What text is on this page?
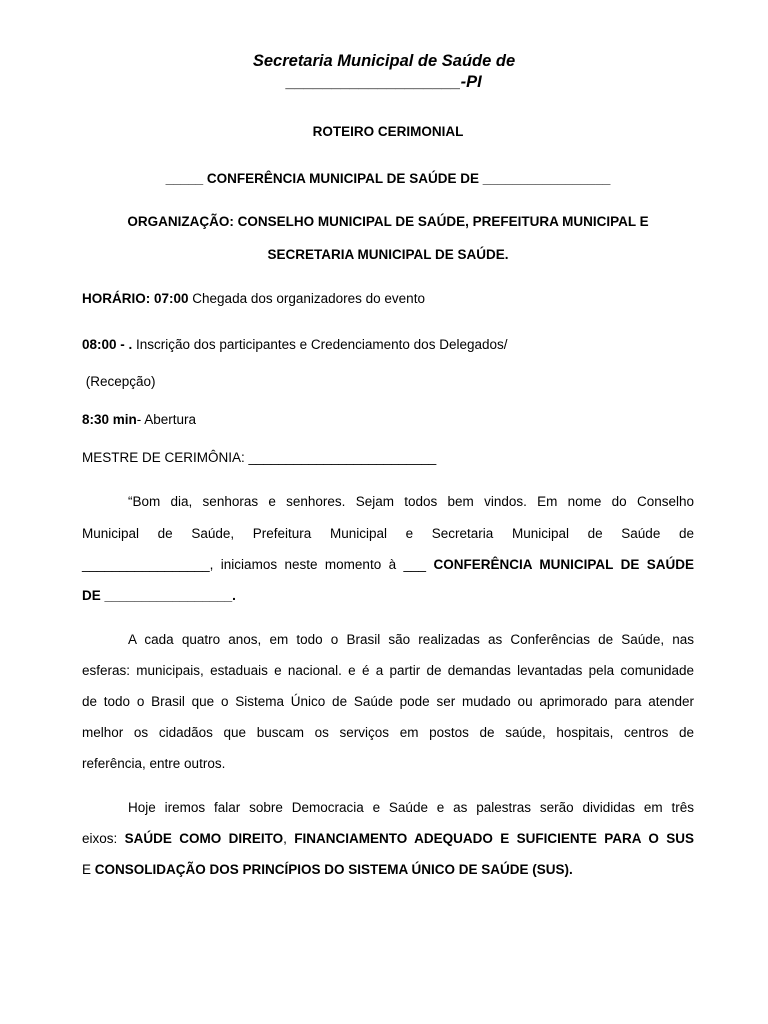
Secretaria Municipal de Saúde de
___________________-PI
ROTEIRO CERIMONIAL
_____ CONFERÊNCIA MUNICIPAL DE SAÚDE DE _________________
ORGANIZAÇÃO: CONSELHO MUNICIPAL DE SAÚDE, PREFEITURA MUNICIPAL E
SECRETARIA MUNICIPAL DE SAÚDE.
HORÁRIO: 07:00 Chegada dos organizadores do evento
08:00 - . Inscrição dos participantes e Credenciamento dos Delegados/
(Recepção)
8:30 min- Abertura
MESTRE DE CERIMÔNIA: _________________________
“Bom dia, senhoras e senhores. Sejam todos bem vindos. Em nome do Conselho
Municipal de Saúde, Prefeitura Municipal e Secretaria Municipal de Saúde de
_________________, iniciamos neste momento à ___ CONFERÊNCIA MUNICIPAL DE SAÚDE
DE _________________.
A cada quatro anos, em todo o Brasil são realizadas as Conferências de Saúde, nas
esferas: municipais, estaduais e nacional. e é a partir de demandas levantadas pela comunidade
de todo o Brasil que o Sistema Único de Saúde pode ser mudado ou aprimorado para atender
melhor os cidadãos que buscam os serviços em postos de saúde, hospitais, centros de
referência, entre outros.
Hoje iremos falar sobre Democracia e Saúde e as palestras serão divididas em três
eixos: SAÚDE COMO DIREITO, FINANCIAMENTO ADEQUADO E SUFICIENTE PARA O SUS
E CONSOLIDAÇÃO DOS PRINCÍPIOS DO SISTEMA ÚNICO DE SAÚDE (SUS).
